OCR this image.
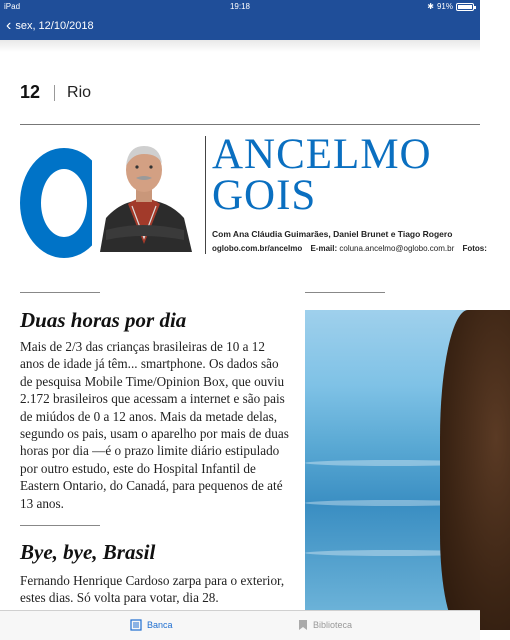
iPad	19:18	✱ 91%
‹ sex, 12/10/2018
12 Rio
ANCELMO
GOIS
Com Ana Cláudia Guimarães, Daniel Brunet e Tiago Rogero
oglobo.com.br/ancelmo E-mail: coluna.ancelmo@oglobo.com.br Fotos:
Duas horas por dia
Mais de 2/3 das crianças brasileiras de 10 a 12 anos de idade já têm... smartphone. Os dados são de pesquisa Mobile Time/Opinion Box, que ouviu 2.172 brasileiros que acessam a internet e são pais de miúdos de 0 a 12 anos. Mais da metade delas, segundo os pais, usam o aparelho por mais de duas horas por dia —é o prazo limite diário estipulado por outro estudo, este do Hospital Infantil de Eastern Ontario, do Canadá, para pequenos de até 13 anos.
Bye, bye, Brasil
Fernando Henrique Cardoso zarpa para o exterior, estes dias. Só volta para votar, dia 28.
Banca	Biblioteca
